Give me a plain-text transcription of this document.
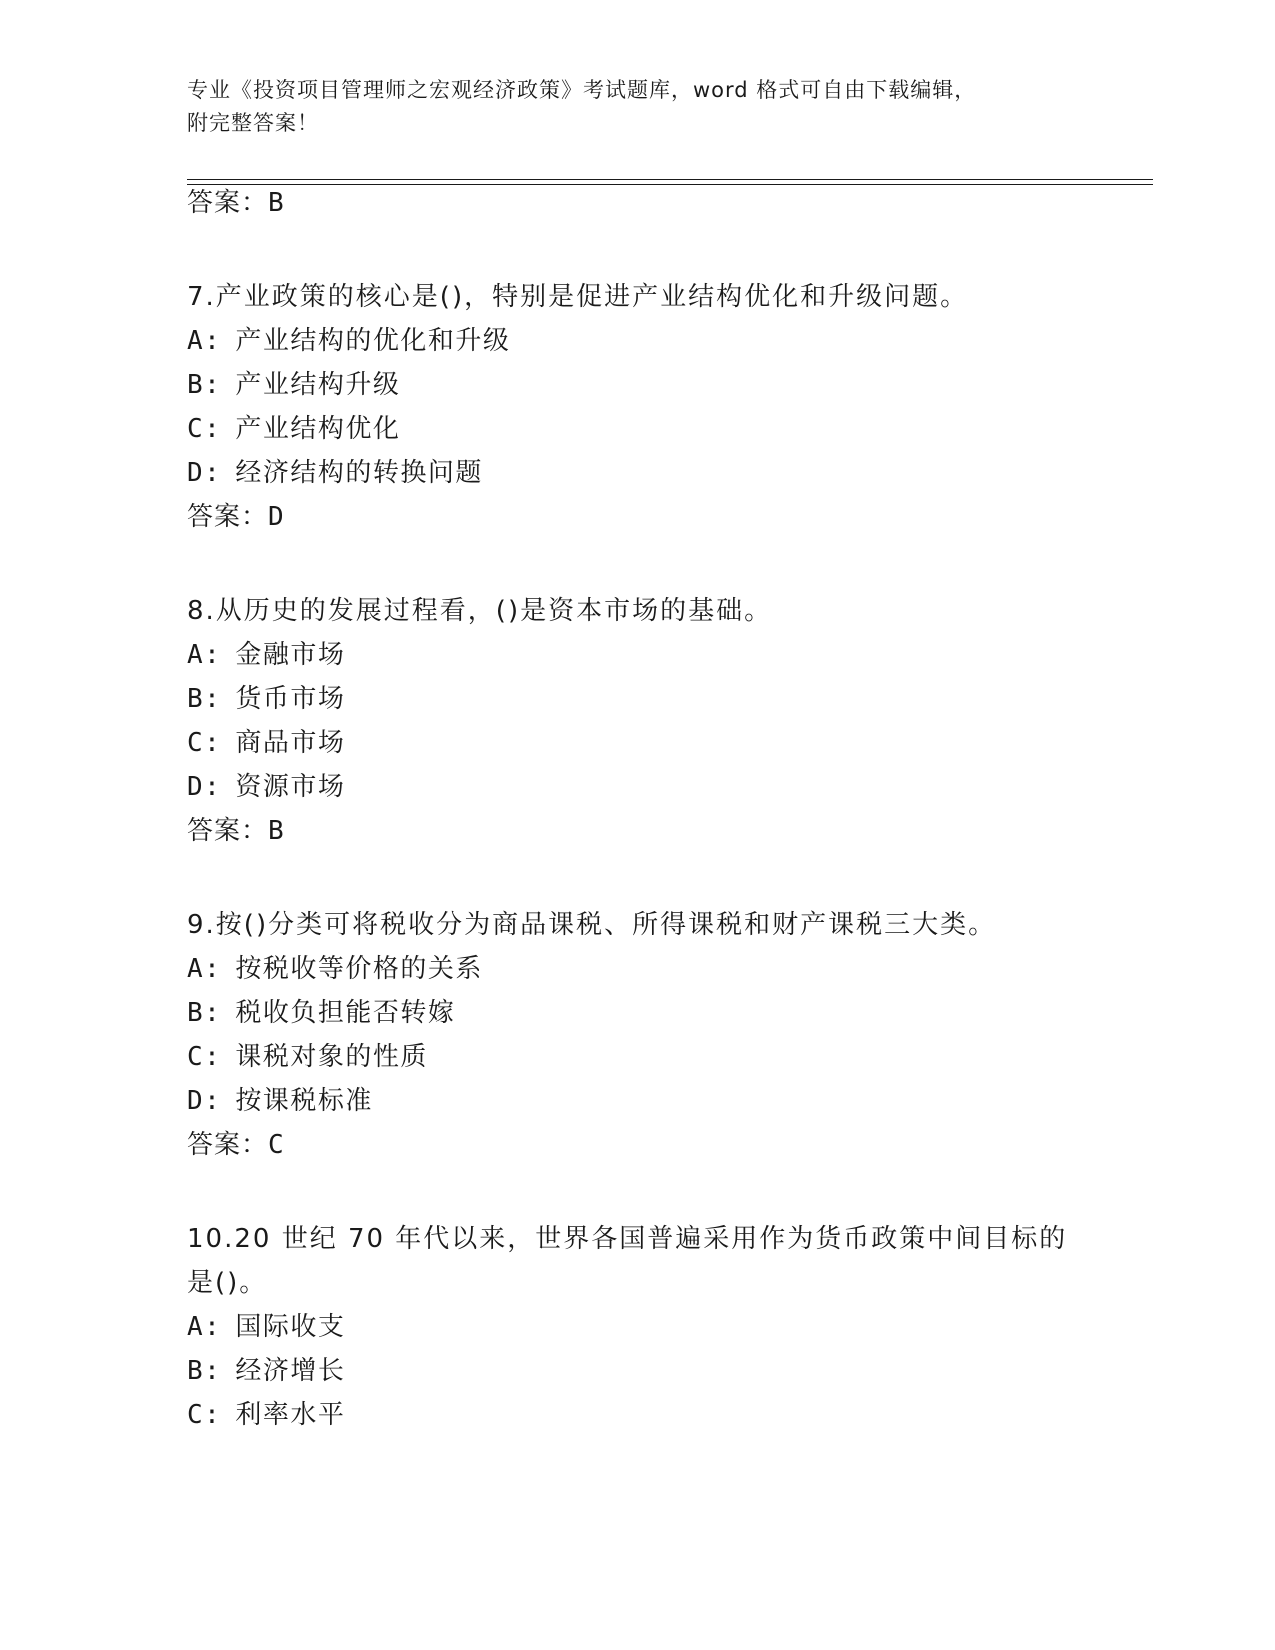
专业《投资项目管理师之宏观经济政策》考试题库，word 格式可自由下载编辑，
附完整答案！
答案：B
7.产业政策的核心是()，特别是促进产业结构优化和升级问题。
A: 产业结构的优化和升级
B: 产业结构升级
C: 产业结构优化
D: 经济结构的转换问题
答案：D
8.从历史的发展过程看，()是资本市场的基础。
A: 金融市场
B: 货币市场
C: 商品市场
D: 资源市场
答案：B
9.按()分类可将税收分为商品课税、所得课税和财产课税三大类。
A: 按税收等价格的关系
B: 税收负担能否转嫁
C: 课税对象的性质
D: 按课税标准
答案：C
10.20 世纪 70 年代以来，世界各国普遍采用作为货币政策中间目标的
是()。
A: 国际收支
B: 经济增长
C: 利率水平
